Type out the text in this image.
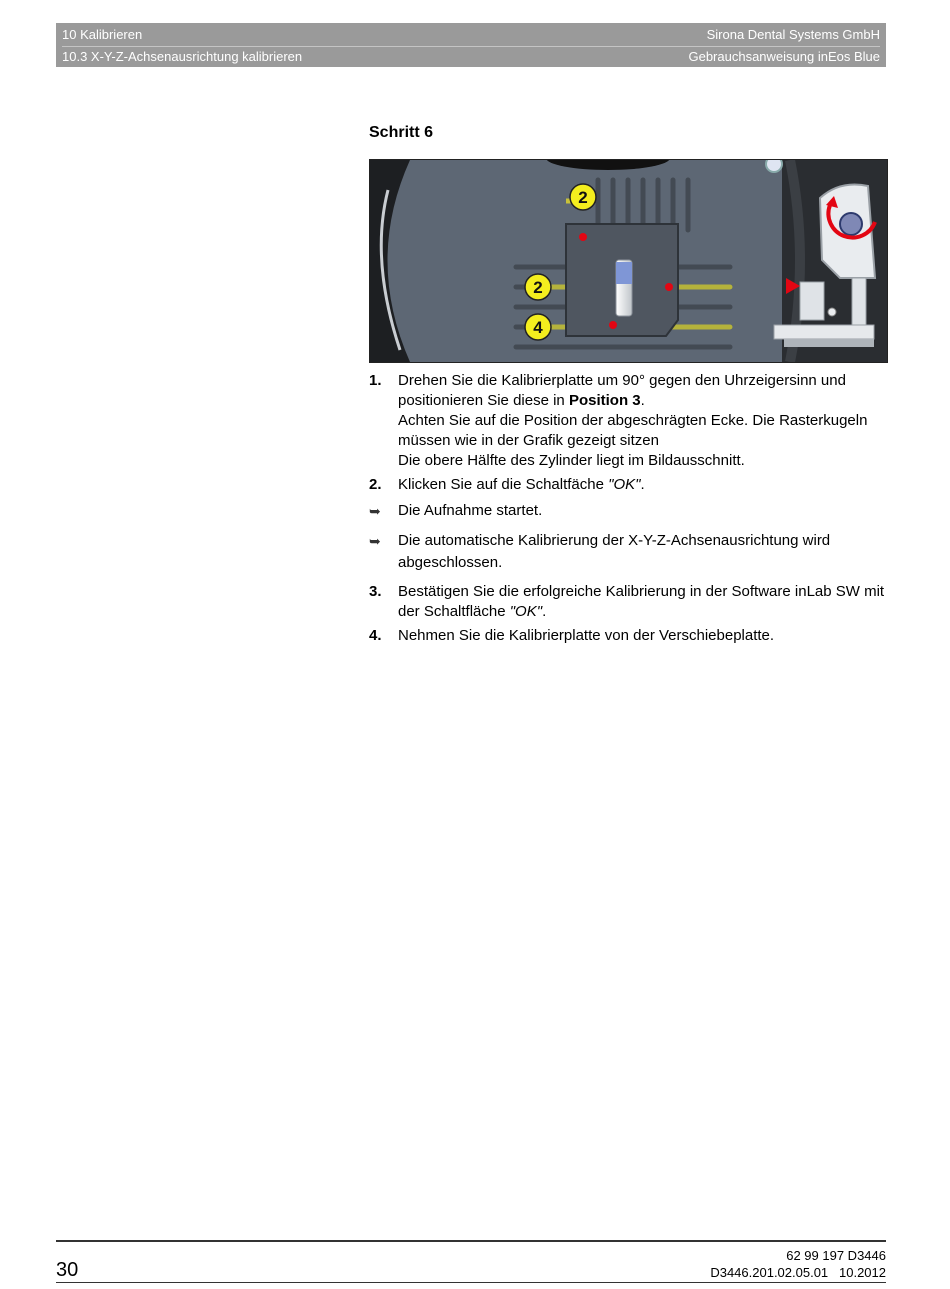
10 Kalibrieren	Sirona Dental Systems GmbH
10.3 X-Y-Z-Achsenausrichtung kalibrieren	Gebrauchsanweisung inEos Blue
Schritt 6
2
2
4
1. Drehen Sie die Kalibrierplatte um 90° gegen den Uhrzeigersinn und positionieren Sie diese in Position 3.
Achten Sie auf die Position der abgeschrägten Ecke. Die Rasterkugeln müssen wie in der Grafik gezeigt sitzen
Die obere Hälfte des Zylinder liegt im Bildausschnitt.
2. Klicken Sie auf die Schaltfäche "OK".
➥ Die Aufnahme startet.
➥ Die automatische Kalibrierung der X-Y-Z-Achsenausrichtung wird abgeschlossen.
3. Bestätigen Sie die erfolgreiche Kalibrierung in der Software inLab SW mit der Schaltfläche "OK".
4. Nehmen Sie die Kalibrierplatte von der Verschiebeplatte.
30
62 99 197 D3446
D3446.201.02.05.01 10.2012
